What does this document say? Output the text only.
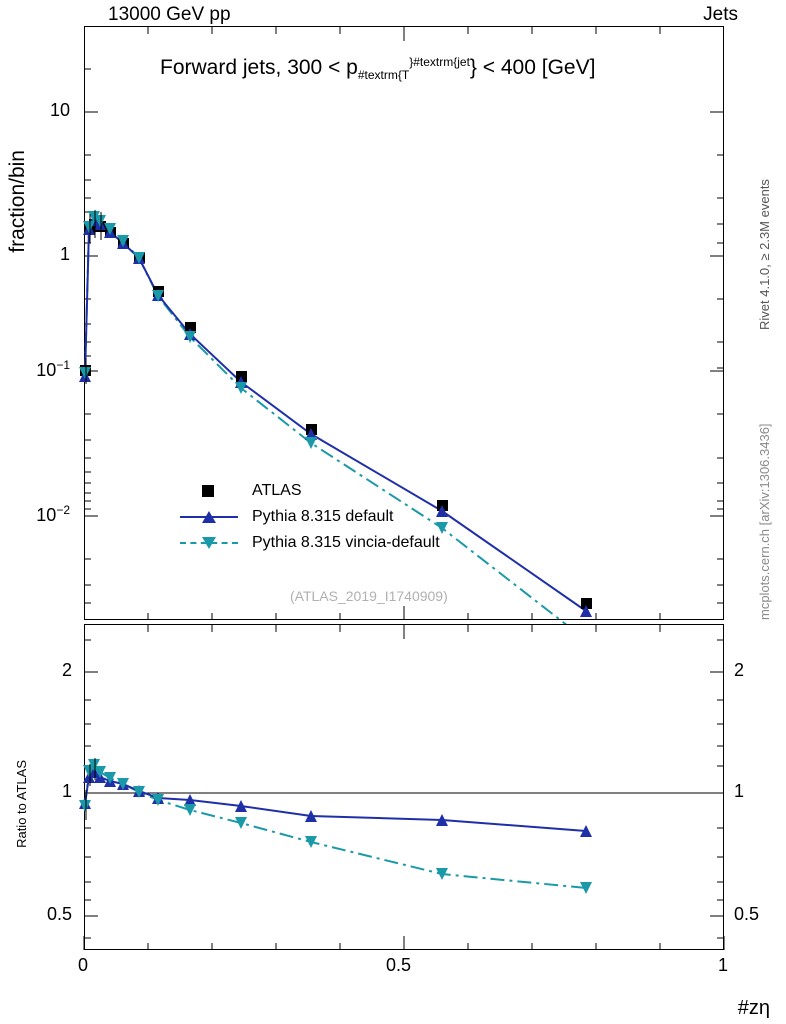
13000 GeV pp	Jets
Rivet 4.1.0, ≥ 2.3M events
mcplots.cern.ch [arXiv:1306.3436]
fraction/bin
Ratio to ATLAS
#zη
Forward jets, $300 < p_{\#textrm\{T}^{\}\#textrm\{jet}\} < 400$ [GeV]
10
1
$10^{-1}$
$10^{-2}$
ATLAS
Pythia 8.315 default
Pythia 8.315 vincia-default
(ATLAS_2019_I1740909)
2
1
0.5
2
1
0.5
0	0.5	1
